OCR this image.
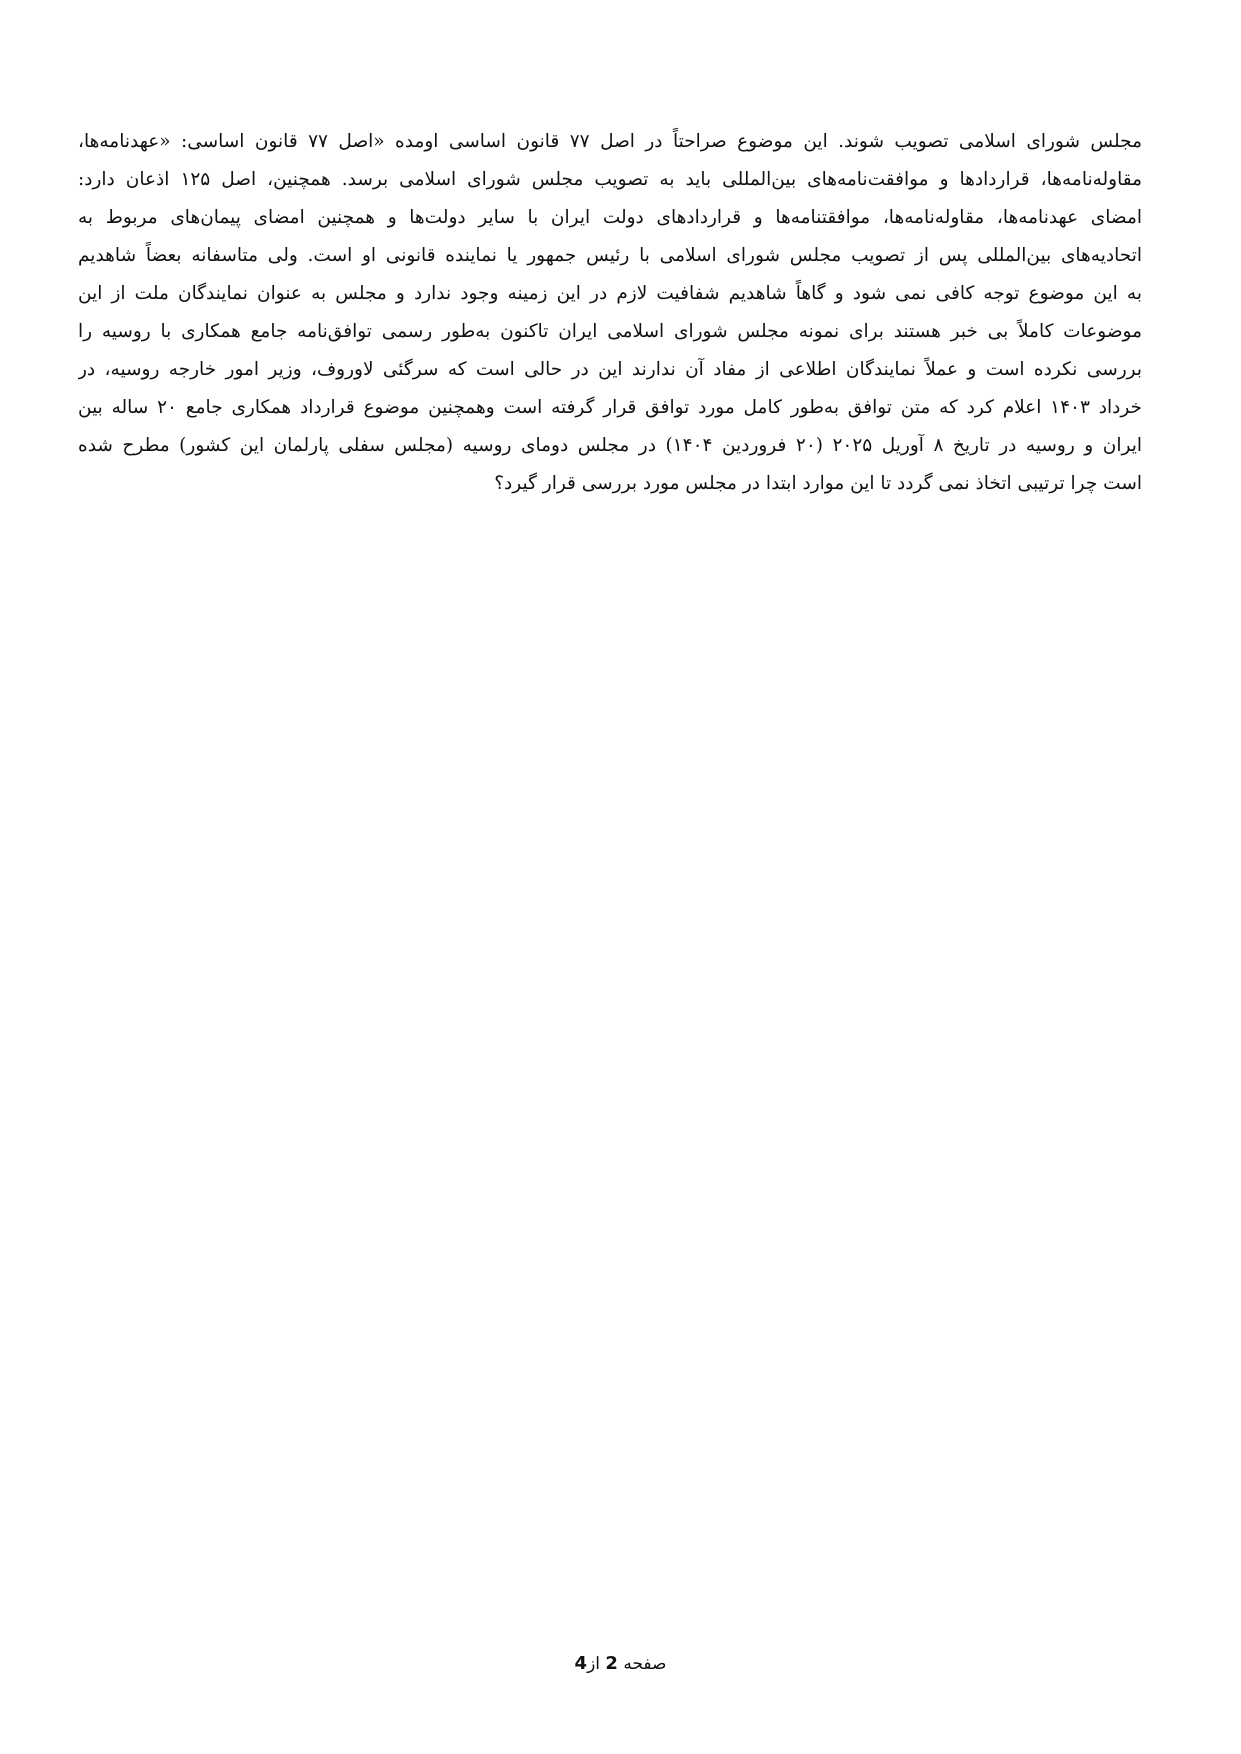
مجلس شورای اسلامی تصویب شوند. این موضوع صراحتاً در اصل ۷۷ قانون اساسی اومده «اصل ۷۷ قانون اساسی: «عهدنامه‌ها،
مقاوله‌نامه‌ها، قراردادها و موافقت‌نامه‌های بین‌المللی باید به تصویب مجلس شورای اسلامی برسد. همچنین، اصل ۱۲۵ اذعان دارد:
امضای عهدنامه‌ها، مقاوله‌نامه‌ها، موافقتنامه‌ها و قراردادهای دولت ایران با سایر دولت‌ها و همچنین امضای پیمان‌های مربوط به
اتحادیه‌های بین‌المللی پس از تصویب مجلس شورای اسلامی با رئیس جمهور یا نماینده قانونی او است. ولی متاسفانه بعضاً شاهدیم
به این موضوع توجه کافی نمی شود و گاهاً شاهدیم شفافیت لازم در این زمینه وجود ندارد و مجلس به عنوان نمایندگان ملت از این
موضوعات کاملاً بی خبر هستند برای نمونه مجلس شورای اسلامی ایران تاکنون به‌طور رسمی توافق‌نامه جامع همکاری با روسیه را
بررسی نکرده است و عملاً نمایندگان اطلاعی از مفاد آن ندارند این در حالی است که سرگئی لاوروف، وزیر امور خارجه روسیه، در
خرداد ۱۴۰۳ اعلام کرد که متن توافق به‌طور کامل مورد توافق قرار گرفته است وهمچنین موضوع قرارداد همکاری جامع ۲۰ ساله بین
ایران و روسیه در تاریخ ۸ آوریل ۲۰۲۵ (۲۰ فروردین ۱۴۰۴) در مجلس دومای روسیه (مجلس سفلی پارلمان این کشور) مطرح شده
است چرا ترتیبی اتخاذ نمی گردد تا این موارد ابتدا در مجلس مورد بررسی قرار گیرد؟
صفحه 2 از4
